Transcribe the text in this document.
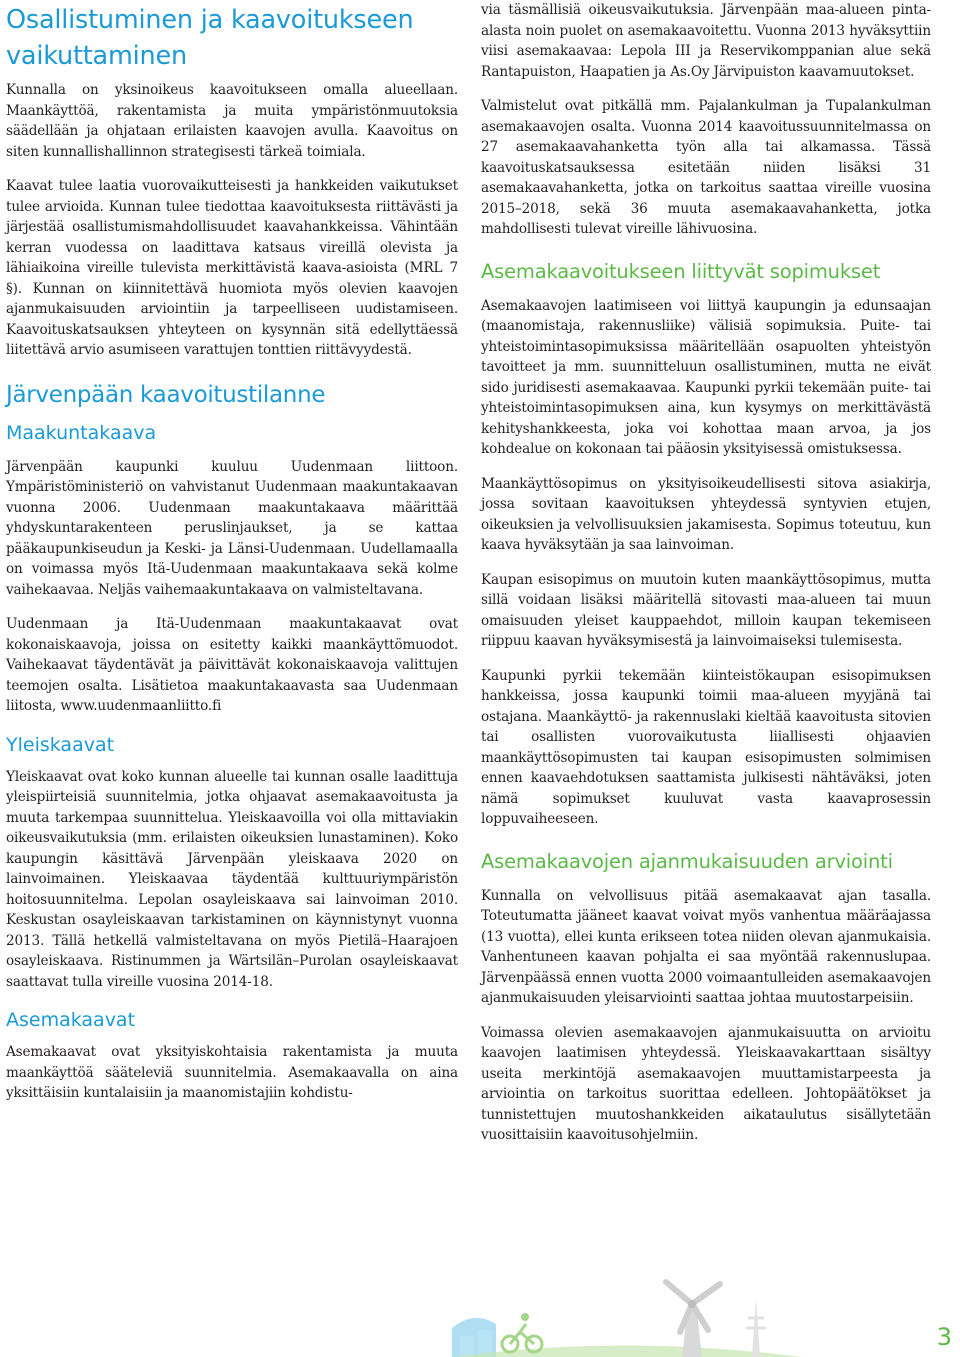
Osallistuminen ja kaavoitukseen vaikuttaminen

Kunnalla on yksinoikeus kaavoitukseen omalla alueellaan. Maankäyttöä, rakentamista ja muita ympäristönmuutoksia säädellään ja ohjataan erilaisten kaavojen avulla. Kaavoitus on siten kunnallishallinnon strategisesti tärkeä toimiala.

Kaavat tulee laatia vuorovaikutteisesti ja hankkeiden vaikutukset tulee arvioida. Kunnan tulee tiedottaa kaavoituksesta riittävästi ja järjestää osallistumismahdollisuudet kaavahankkeissa. Vähintään kerran vuodessa on laadittava katsaus vireillä olevista ja lähiaikoina vireille tulevista merkittävistä kaava-asioista (MRL 7 §). Kunnan on kiinnitettävä huomiota myös olevien kaavojen ajanmukaisuuden arviointiin ja tarpeelliseen uudistamiseen. Kaavoituskatsauksen yhteyteen on kysynnän sitä edellyttäessä liitettävä arvio asumiseen varattujen tonttien riittävyydestä.

Järvenpään kaavoitustilanne
Maakuntakaava

Järvenpään kaupunki kuuluu Uudenmaan liittoon. Ympäristöministeriö on vahvistanut Uudenmaan maakuntakaavan vuonna 2006. Uudenmaan maakuntakaava määrittää yhdyskuntarakenteen peruslinjaukset, ja se kattaa pääkaupunkiseudun ja Keski- ja Länsi-Uudenmaan. Uudellamaalla on voimassa myös Itä-Uudenmaan maakuntakaava sekä kolme vaihekaavaa. Neljäs vaihemaakuntakaava on valmisteltavana.

Uudenmaan ja Itä-Uudenmaan maakuntakaavat ovat kokonaiskaavoja, joissa on esitetty kaikki maankäyttömuodot. Vaihekaavat täydentävät ja päivittävät kokonaiskaavoja valittujen teemojen osalta. Lisätietoa maakuntakaavasta saa Uudenmaan liitosta, www.uudenmaanliitto.fi

Yleiskaavat

Yleiskaavat ovat koko kunnan alueelle tai kunnan osalle laadittuja yleispiirteisiä suunnitelmia, jotka ohjaavat asemakaavoitusta ja muuta tarkempaa suunnittelua. Yleiskaavoilla voi olla mittaviakin oikeusvaikutuksia (mm. erilaisten oikeuksien lunastaminen). Koko kaupungin käsittävä Järvenpään yleiskaava 2020 on lainvoimainen. Yleiskaavaa täydentää kulttuuriympäristön hoitosuunnitelma. Lepolan osayleiskaava sai lainvoiman 2010. Keskustan osayleiskaavan tarkistaminen on käynnistynyt vuonna 2013. Tällä hetkellä valmisteltavana on myös Pietilä–Haarajoen osayleiskaava. Ristinummen ja Wärtsilän–Purolan osayleiskaavat saattavat tulla vireille vuosina 2014-18.

Asemakaavat

Asemakaavat ovat yksityiskohtaisia rakentamista ja muuta maankäyttöä sääteleviä suunnitelmia. Asemakaavalla on aina yksittäisiin kuntalaisiin ja maanomistajiin kohdistu-

via täsmällisiä oikeusvaikutuksia. Järvenpään maa-alueen pinta-alasta noin puolet on asemakaavoitettu. Vuonna 2013 hyväksyttiin viisi asemakaavaa: Lepola III ja Reservikomppanian alue sekä Rantapuiston, Haapatien ja As.Oy Järvipuiston kaavamuutokset.

Valmistelut ovat pitkällä mm. Pajalankulman ja Tupalankulman asemakaavojen osalta. Vuonna 2014 kaavoitussuunnitelmassa on 27 asemakaavahanketta työn alla tai alkamassa. Tässä kaavoituskatsauksessa esitetään niiden lisäksi 31 asemakaavahanketta, jotka on tarkoitus saattaa vireille vuosina 2015–2018, sekä 36 muuta asemakaavahanketta, jotka mahdollisesti tulevat vireille lähivuosina.

Asemakaavoitukseen liittyvät sopimukset

Asemakaavojen laatimiseen voi liittyä kaupungin ja edunsaajan (maanomistaja, rakennusliike) välisiä sopimuksia. Puite- tai yhteistoimintasopimuksissa määritellään osapuolten yhteistyön tavoitteet ja mm. suunnitteluun osallistuminen, mutta ne eivät sido juridisesti asemakaavaa. Kaupunki pyrkii tekemään puite- tai yhteistoimintasopimuksen aina, kun kysymys on merkittävästä kehityshankkeesta, joka voi kohottaa maan arvoa, ja jos kohdealue on kokonaan tai pääosin yksityisessä omistuksessa.

Maankäyttösopimus on yksityisoikeudellisesti sitova asiakirja, jossa sovitaan kaavoituksen yhteydessä syntyvien etujen, oikeuksien ja velvollisuuksien jakamisesta. Sopimus toteutuu, kun kaava hyväksytään ja saa lainvoiman.

Kaupan esisopimus on muutoin kuten maankäyttösopimus, mutta sillä voidaan lisäksi määritellä sitovasti maa-alueen tai muun omaisuuden yleiset kauppaehdot, milloin kaupan tekemiseen riippuu kaavan hyväksymisestä ja lainvoimaiseksi tulemisesta.

Kaupunki pyrkii tekemään kiinteistökaupan esisopimuksen hankkeissa, jossa kaupunki toimii maa-alueen myyjänä tai ostajana. Maankäyttö- ja rakennuslaki kieltää kaavoitusta sitovien tai osallisten vuorovaikutusta liiallisesti ohjaavien maankäyttösopimusten tai kaupan esisopimusten solmimisen ennen kaavaehdotuksen saattamista julkisesti nähtäväksi, joten nämä sopimukset kuuluvat vasta kaavaprosessin loppuvaiheeseen.

Asemakaavojen ajanmukaisuuden arviointi

Kunnalla on velvollisuus pitää asemakaavat ajan tasalla. Toteutumatta jääneet kaavat voivat myös vanhentua määräajassa (13 vuotta), ellei kunta erikseen totea niiden olevan ajanmukaisia. Vanhentuneen kaavan pohjalta ei saa myöntää rakennuslupaa. Järvenpäässä ennen vuotta 2000 voimaantulleiden asemakaavojen ajanmukaisuuden yleisarviointi saattaa johtaa muutostarpeisiin.

Voimassa olevien asemakaavojen ajanmukaisuutta on arvioitu kaavojen laatimisen yhteydessä. Yleiskaavakarttaan sisältyy useita merkintöjä asemakaavojen muuttamistarpeesta ja arviointia on tarkoitus suorittaa edelleen. Johtopäätökset ja tunnistettujen muutoshankkeiden aikataulutus sisällytetään vuosittaisiin kaavoitusohjelmiin.

3
